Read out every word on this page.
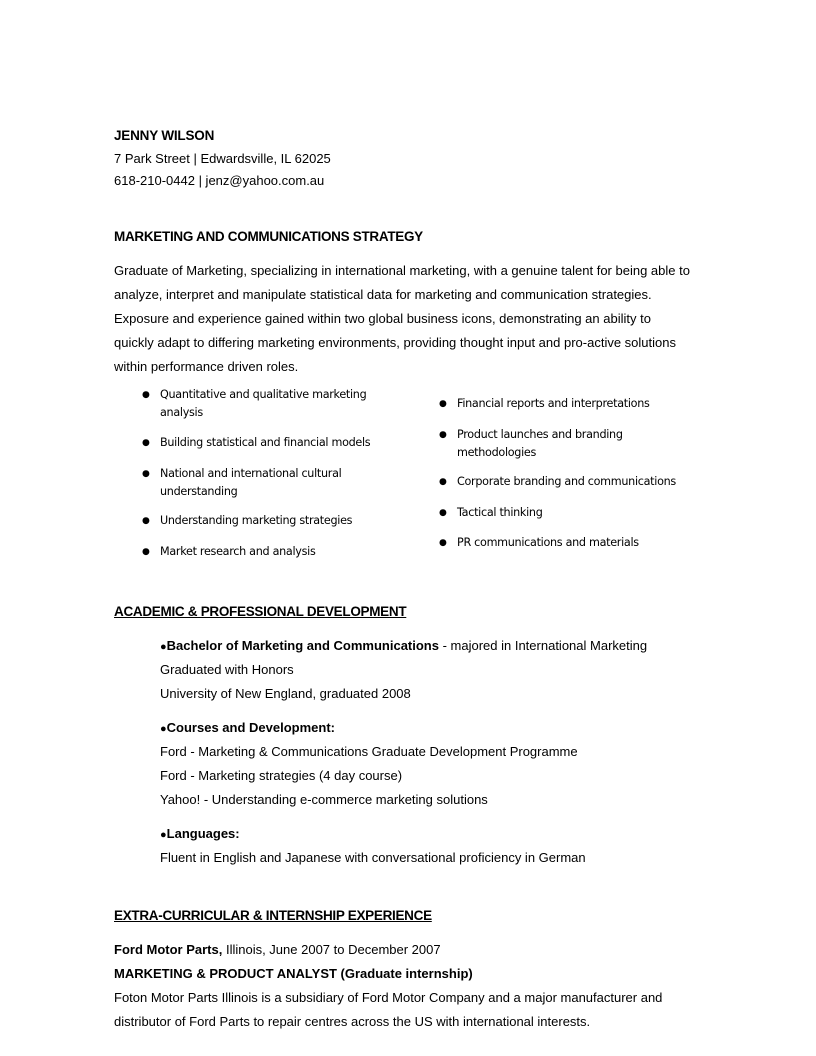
JENNY WILSON
7 Park Street | Edwardsville, IL 62025
618-210-0442 | jenz@yahoo.com.au
MARKETING AND COMMUNICATIONS STRATEGY

Graduate of Marketing, specializing in international marketing, with a genuine talent for being able to

analyze, interpret and manipulate statistical data for marketing and communication strategies.

Exposure and experience gained within two global business icons, demonstrating an ability to

quickly adapt to differing marketing environments, providing thought input and pro-active solutions

within performance driven roles.

● Quantitative and qualitative marketing analysis
● Building statistical and financial models
● National and international cultural understanding
● Understanding marketing strategies
● Market research and analysis
● Financial reports and interpretations
● Product launches and branding methodologies
● Corporate branding and communications
● Tactical thinking
● PR communications and materials
ACADEMIC & PROFESSIONAL DEVELOPMENT
●Bachelor of Marketing and Communications - majored in International Marketing
Graduated with Honors
University of New England, graduated 2008
●Courses and Development:
Ford - Marketing & Communications Graduate Development Programme
Ford - Marketing strategies (4 day course)
Yahoo! - Understanding e-commerce marketing solutions
●Languages:
Fluent in English and Japanese with conversational proficiency in German
EXTRA-CURRICULAR & INTERNSHIP EXPERIENCE
Ford Motor Parts, Illinois, June 2007 to December 2007
MARKETING & PRODUCT ANALYST (Graduate internship)
Foton Motor Parts Illinois is a subsidiary of Ford Motor Company and a major manufacturer and
distributor of Ford Parts to repair centres across the US with international interests.
